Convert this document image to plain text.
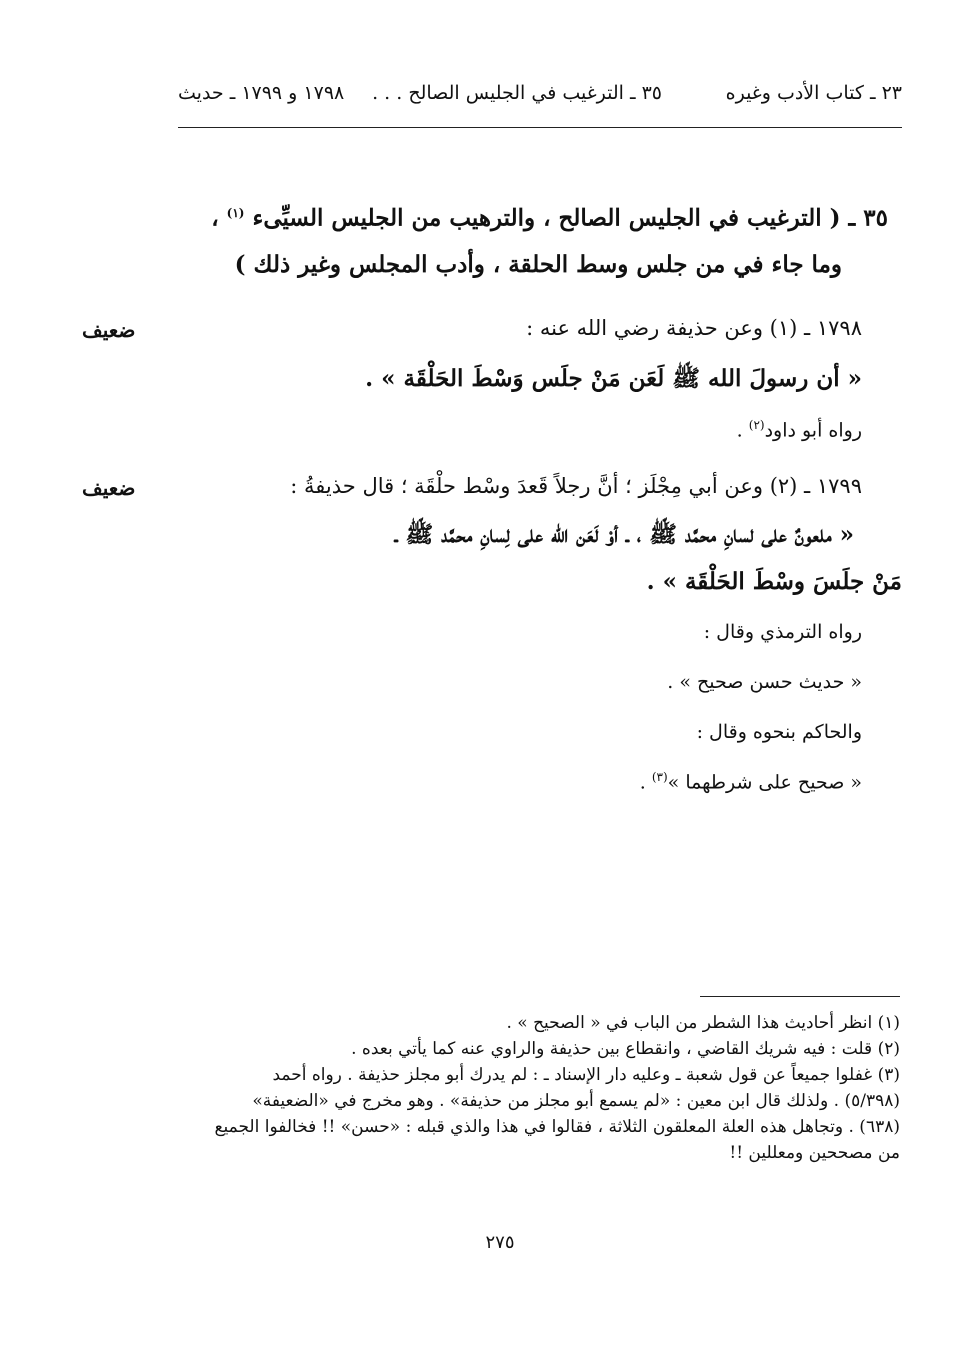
٢٣ ـ كتاب الأدب وغيره
٣٥ ـ الترغيب في الجليس الصالح . . .
١٧٩٨ و ١٧٩٩ ـ حديث
٣٥ ـ ( الترغيب في الجليس الصالح ، والترهيب من الجليس السيِّىء $^{(١)}$ ،
وما جاء في من جلس وسط الحلقة ، وأدب المجلس وغير ذلك )
ضعيف	١٧٩٨ ـ (١) وعن حذيفة رضي الله عنه :
« أن رسولَ الله ﷺ لَعَن مَنْ جلَس وَسْطَ الحَلْقَة » .
رواه أبو داود$^{(٢)}$ .
ضعيف	١٧٩٩ ـ (٢) وعن أبي مِجْلَز ؛ أنَّ رجلاً قَعدَ وسْط حلْقَة ؛ قال حذيفةُ :
« ملعونٌ على لسانِ محمَّد ﷺ ، ـ أوْ لَعَن الله على لِسانِ محمَّد ﷺ ـ
مَنْ جلَسَ وسْطَ الحَلْقَة » .
رواه الترمذي وقال :
« حديث حسن صحيح » .
والحاكم بنحوه وقال :
« صحيح على شرطهما »$^{(٣)}$ .
(١) انظر أحاديث هذا الشطر من الباب في « الصحيح » .
(٢) قلت : فيه شريك القاضي ، وانقطاع بين حذيفة والراوي عنه كما يأتي بعده .
(٣) غفلوا جميعاً عن قول شعبة ـ وعليه دار الإسناد ـ : لم يدرك أبو مجلز حذيفة . رواه أحمد
(٥/٣٩٨) . ولذلك قال ابن معين : «لم يسمع أبو مجلز من حذيفة» . وهو مخرج في «الضعيفة»
(٦٣٨) . وتجاهل هذه العلة المعلقون الثلاثة ، فقالوا في هذا والذي قبله : «حسن» !! فخالفوا الجميع
من مصححين ومعللين !!
٢٧٥
